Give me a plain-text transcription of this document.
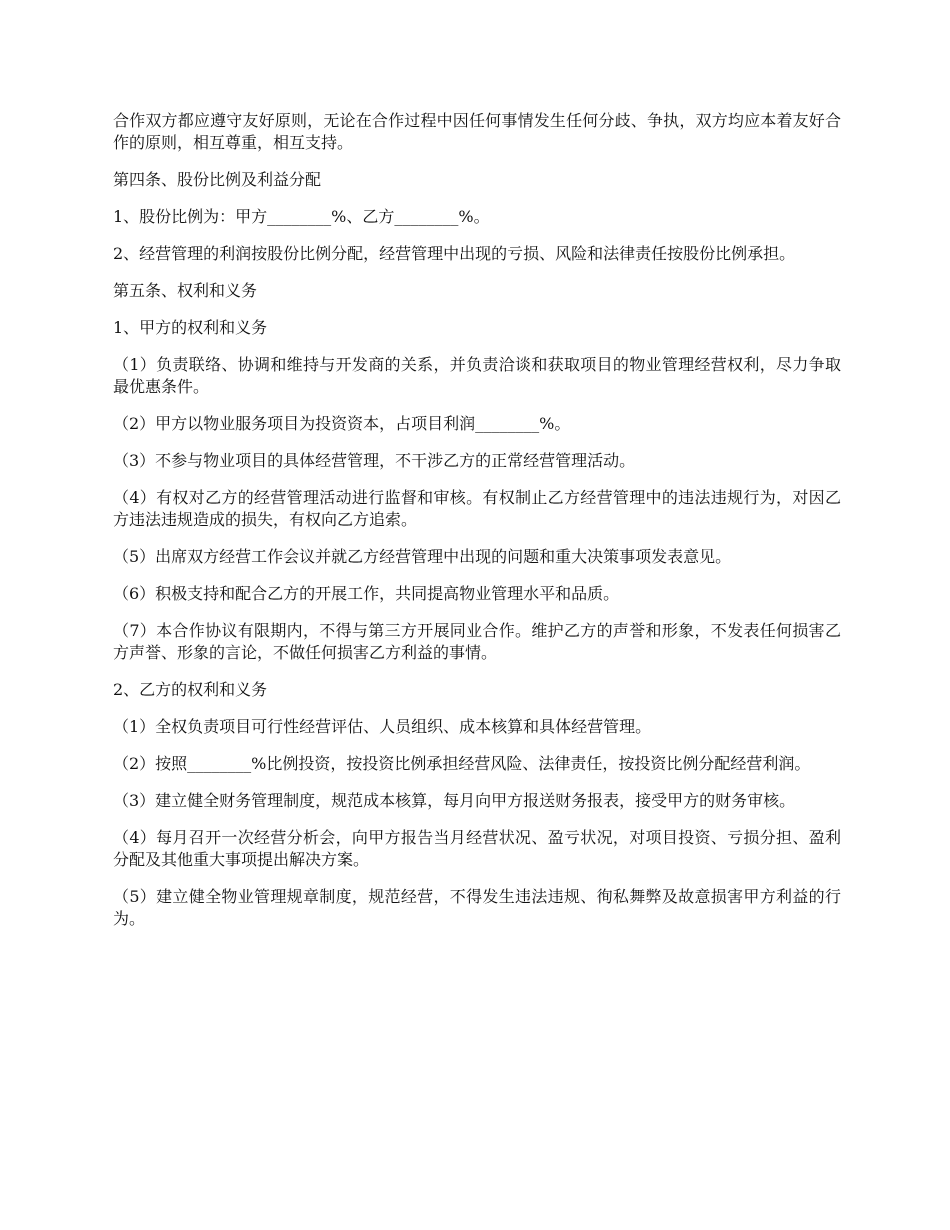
合作双方都应遵守友好原则，无论在合作过程中因任何事情发生任何分歧、争执，双方均应本着友好合作的原则，相互尊重，相互支持。

第四条、股份比例及利益分配

1、股份比例为：甲方________%、乙方________%。

2、经营管理的利润按股份比例分配，经营管理中出现的亏损、风险和法律责任按股份比例承担。

第五条、权利和义务

1、甲方的权利和义务

（1）负责联络、协调和维持与开发商的关系，并负责洽谈和获取项目的物业管理经营权利，尽力争取最优惠条件。

（2）甲方以物业服务项目为投资资本，占项目利润________%。

（3）不参与物业项目的具体经营管理，不干涉乙方的正常经营管理活动。

（4）有权对乙方的经营管理活动进行监督和审核。有权制止乙方经营管理中的违法违规行为，对因乙方违法违规造成的损失，有权向乙方追索。

（5）出席双方经营工作会议并就乙方经营管理中出现的问题和重大决策事项发表意见。

（6）积极支持和配合乙方的开展工作，共同提高物业管理水平和品质。

（7）本合作协议有限期内，不得与第三方开展同业合作。维护乙方的声誉和形象，不发表任何损害乙方声誉、形象的言论，不做任何损害乙方利益的事情。

2、乙方的权利和义务

（1）全权负责项目可行性经营评估、人员组织、成本核算和具体经营管理。

（2）按照________%比例投资，按投资比例承担经营风险、法律责任，按投资比例分配经营利润。

（3）建立健全财务管理制度，规范成本核算，每月向甲方报送财务报表，接受甲方的财务审核。

（4）每月召开一次经营分析会，向甲方报告当月经营状况、盈亏状况，对项目投资、亏损分担、盈利分配及其他重大事项提出解决方案。

（5）建立健全物业管理规章制度，规范经营，不得发生违法违规、徇私舞弊及故意损害甲方利益的行为。
